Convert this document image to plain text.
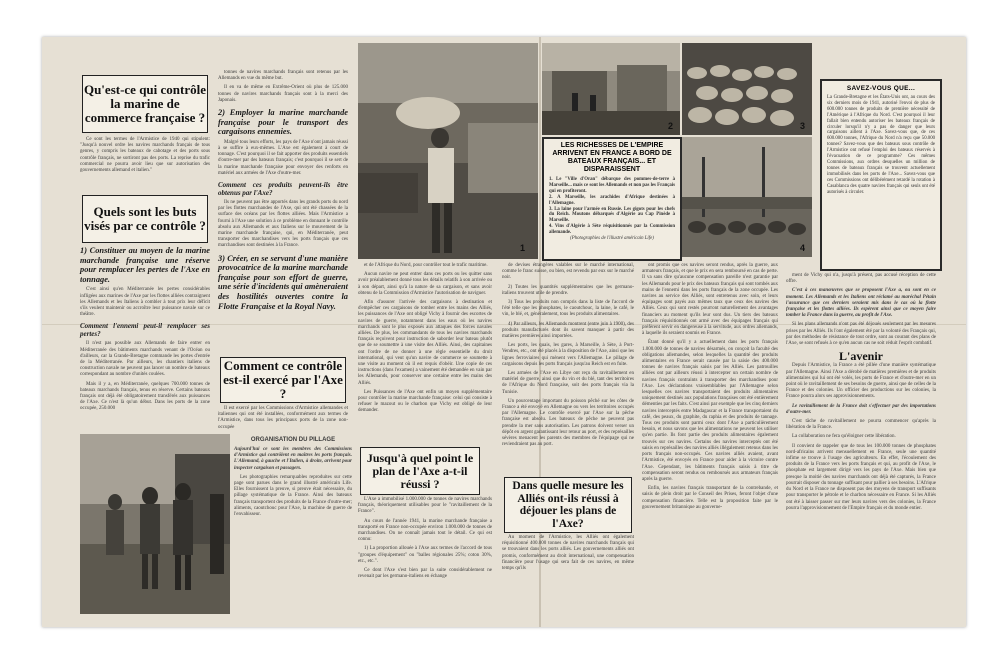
Qu'est-ce qui contrôle la marine de commerce française ?

Ce sont les termes de l'Armistice de 1940 qui stipulent: "Jusqu'à nouvel ordre les navires marchands français de tous genres, y compris les bateaux de cabotage et des ports sous contrôle français, ne sortiront pas des ports. La reprise du trafic commercial ne pourra avoir lieu que sur autorisation des gouvernements allemand et italien."

Quels sont les buts visés par ce contrôle ?

1) Constituer au moyen de la marine marchande française une réserve pour remplacer les pertes de l'Axe en tonnage.

C'est ainsi qu'en Méditerranée les pertes considérables infligées aux marines de l'Axe par les flottes alliées contraignent les Allemands et les Italiens à combler à tout prix leur déficit s'ils veulent maintenir ou accroître leur puissance navale sur ce théâtre.

Comment l'ennemi peut-il remplacer ses pertes?

Il n'est pas possible aux Allemands de faire entrer en Méditerranée des bâtiments marchands venant de l'Océan ou d'ailleurs, car la Grande-Bretagne commande les portes d'entrée de la Méditerranée. Par ailleurs, les chantiers italiens de construction navale ne peuvent pas lancer un nombre de bateaux correspondant au nombre d'unités coulées.

Mais il y a, en Méditerranée, quelques 700.000 tonnes de bateaux marchands français, tenus en réserve. Certains bateaux français ont déjà été obligatoirement transférés aux puissances de l'Axe. Ce n'est là qu'un début. Dans les ports de la zone occupée, 250.000

tonnes de navires marchands français sont retenus par les Allemands en vue du même but.

Il en va de même en Extrême-Orient où plus de 125.000 tonnes de navires marchands français sont à la merci des Japonais.

2) Employer la marine marchande française pour le transport des cargaisons ennemies.

Malgré tous leurs efforts, les pays de l'Axe n'ont jamais réussi à se suffire à eux-mêmes. L'Axe est également à court de tonnage. C'est pourquoi il se fait apporter des produits essentiels d'outre-mer par des bateaux français; c'est pourquoi il se sert de la marine marchande française pour envoyer des renforts en matériel aux armées de l'Axe d'outre-mer.

Comment ces produits peuvent-ils être obtenus par l'Axe?

Ils ne peuvent pas être apportés dans les grands ports du nord par les flottes marchandes de l'Axe, qui ont été chassées de la surface des océans par les flottes alliées. Mais l'Armistice a fourni à l'Axe une solution à ce problème en donnant le contrôle absolu aux Allemands et aux Italiens sur le mouvement de la marine marchande française, qui, en Méditerranée, peut transporter des marchandises vers les ports français que ces marchandises sont destinées à la France.

3) Créer, en se servant d'une manière provocatrice de la marine marchande française pour son effort de guerre, une série d'incidents qui amèneraient des hostilités ouvertes contre la Flotte Française et la Royal Navy.

Comment ce contrôle est-il exercé par l'Axe ?

Il est exercé par les Commissions d'Armistice allemandes et italiennes qui ont été installées, conformément aux termes de l'Armistice, dans tous les principaux ports de la zone non-occupée

ORGANISATION DU PILLAGE

Aujourd'hui ce sont les membres des Commissions d'Armistice qui contrôlent en maîtres les ports français. L'Allemand, à gauche et l'Italien, à droite, arrivent pour inspecter cargaison et passagers.

Les photographies remarquables reproduites sur cette page sont parues dans le grand illustré américain Life. Elles fournissent la preuve, si preuve était nécessaire, du pillage systématique de la France. Ainsi des bateaux français transportent des produits de la France d'outre-mer; aliments, caoutchouc pour l'Axe, la machine de guerre de l'envahisseur.

1
2	3
LES RICHESSES DE L'EMPIRE ARRIVENT EN FRANCE A BORD DE BATEAUX FRANÇAIS... ET DISPARAISSENT
1. Le "Ville d'Oran" débarque des pommes-de-terre à Marseille... mais ce sont les Allemands et non pas les Français qui en profiteront.
2. A Marseille, les arachides d'Afrique destinées à l'Allemagne.
3. La laine pour l'armée en Russie. Les gigots pour les chefs du Reich. Moutons débarqués d'Algérie au Cap Pinède à Marseille.
4. Vins d'Algérie à Sète réquisitionnés par la Commission allemande.
(Photographies de l'illustré américain Life)
4
SAVEZ-VOUS QUE...
La Grande-Bretagne et les États-Unis ont, au cours des six derniers mois de 1941, autorisé l'envoi de plus de 600.000 tonnes de produits de première nécessité de l'Amérique à l'Afrique du Nord. C'est pourquoi il leur fallait bien entendu autoriser les bateaux français de circuler lorsqu'il n'y a pas de danger que leurs cargaisons aillent à l'Axe. Savez-vous que, de ces 600.000 tonnes, l'Afrique du Nord n'a reçu que 50.000 tonnes? Savez-vous que des bateaux sous contrôle de l'Armistice ont refusé l'emploi des bateaux réservés à l'évacuation de ce programme? Ces mêmes Commissions, aux ordres desquelles un million de tonnes de bateaux français se trouvent actuellement immobilisés dans les ports de l'Axe... Savez-vous que ces Commissions ont délibérément retardé la rotation à Casablanca des quatre navires français qui seuls ont été autorisés à circuler.

et de l'Afrique du Nord, pour contrôler tout le trafic maritime.

Aucun navire ne peut entrer dans ces ports ou les quitter sans avoir préalablement donné tous les détails relatifs à son arrivée ou à son départ, ainsi qu'à la nature de sa cargaison, et sans avoir obtenu de la Commission d'Armistice l'autorisation de naviguer.

Afin d'assurer l'arrivée des cargaisons à destination et d'empêcher ces cargaisons de tomber entre les mains des Alliés, les puissances de l'Axe ont obligé Vichy à fournir des escortes de navires de guerre, notamment dans les eaux où les navires marchands sont le plus exposés aux attaques des forces navales alliées. De plus, les commandants de tous les navires marchands français reçoivent pour instruction de saborder leur bateau plutôt que de se soumettre à une visite des Alliés. Ainsi, des capitaines ont l'ordre de ne donner à une règle essentielle du droit international, qui veut qu'un navire de commerce se soumette à une visite au moment où il est requis d'obéir. Une copie de ces instructions (dans l'examen) a vainement été demandée en vain par les Allemands, pour conserver une certaine entre les mains des Alliés.

Les Puissances de l'Axe ont enfin un moyen supplémentaire pour contrôler la marine marchande française: celui qui consiste à refuser le mazout ou le charbon que Vichy est obligé de leur demander.

Jusqu'à quel point le plan de l'Axe a-t-il réussi ?

L'Axe a immobilisé 1.000.000 de tonnes de navires marchands français, théoriquement utilisables pour le "ravitaillement de la France".

Au cours de l'année 1941, la marine marchande française a transporté en France non-occupée environ 1.000.000 de tonnes de marchandises. On ne connaît jamais tout le détail. Ce qui est connu:

1) La proportion allouée à l'Axe aux termes de l'accord de tous "groupes d'équipement" ou "balles régionales 25%; coton 30%, etc., etc.".

Ce dont l'Axe s'est bien par la suite considérablement ne revenait par les germano-italiens en échange

de devises étrangères valables sur le marché international, comme le franc suisse, ou bien, est revendu par eux sur le marché noir.

2) Toutes les quantités supplémentaires que les germano-italiens trouvent utile de prendre.

3) Tous les produits non compris dans la liste de l'accord de l'été telle que les phosphates, le caoutchouc, la laine, le café, le vin, le blé, et, généralement, tous les produits alimentaires.

4) Par ailleurs, les Allemands montrent (entre juin à 1900), des produits manufacturés dont ils savent manquer à partir des matières premières ainsi importées.

Les ports, les quais, les gares, à Marseille, à Sète, à Port-Vendres, etc., ont été placés à la disposition de l'Axe, ainsi que les lignes ferroviaires qui mènent vers l'Allemagne. Le pillage de cargaisons depuis les ports français jusqu'au Reich est en fuite.

Les armées de l'Axe en Libye ont reçu du ravitaillement en matériel de guerre, ainsi que du vin et du blé, tant des territoires de l'Afrique du Nord française, soit des ports français via la Tunisie.

Un pourcentage important du poisson pêché sur les côtes de France a été envoyé en Allemagne ou vers les territoires occupés par l'Allemagne. Le contrôle exercé par l'Axe sur la pêche française est absolu. Les bateaux de pêche ne peuvent pas prendre la mer sans autorisation. Les patrons doivent verser un dépôt en argent garantissant leur retour au port, et des représailles sévères menacent les parents des membres de l'équipage qui ne reviendraient pas au port.

Dans quelle mesure les Alliés ont-ils réussi à déjouer les plans de l'Axe?

Au moment de l'Armistice, les Alliés ont également réquisitionné 400.000 tonnes de navires marchands français qui se trouvaient dans les ports alliés. Les gouvernements alliés ont promis, conformément au droit international, une compensation financière pour l'usage qui sera fait de ces navires, en même temps qu'ils

ont promis que ces navires seront rendus, après la guerre, aux armateurs français, et que le prix en sera remboursé en cas de perte. Il va sans dire qu'aucune compensation pareille n'est garantie par les Allemands pour le prix des bateaux français qui sont tombés aux mains de l'ennemi dans les ports français de la zone occupée. Les navires au service des Alliés, sont entretenus avec soin, et leurs équipages sont payés aux mêmes taux que ceux des navires des Alliés. Ceux qui sont restés pourront naturellement des avantages financiers au moment qu'ils leur sont dus. Un tiers des bateaux français réquisitionnés ont armé avec des équipages français qui préfèrent servir en dangereuse à la servitude, aux ordres allemands, à laquelle ils seraient soumis en France.

Étant donné qu'il y a actuellement dans les ports français 1.000.000 de tonnes de navires désarmés, on conçoit la faculté des obligations allemandes, selon lesquelles la quantité des produits alimentaires en France serait causée par la saisie des 400.000 tonnes de navires français saisis par les Alliés. Les patrouilles alliées ont par ailleurs réussi à intercepter un certain nombre de navires français contraints à transporter des marchandises pour l'Axe. Les déclarations vraisemblables par l'Allemagne selon lesquelles ces navires transportaient des produits alimentaires uniquement destinés aux populations françaises ont été entièrement démenties par les faits. C'est ainsi par exemple que les cinq derniers navires interceptés entre Madagascar et la France transportaient du café, des peaux, du graphite, du raphia et des produits de tannage. Tous ces produits sont parmi ceux dont l'Axe a particulièrement besoin, et nous savons que les alimentations ne peuvent les utiliser qu'en partie. Ils font partie des produits alimentaires également trouvés sur ces navires. Certains des navires interceptés ont été saisis en représailles des navires alliés illégalement retenus dans les ports français non-occupés. Ces navires alliés avaient, avant l'Armistice, été envoyés en France pour aider à la victoire contre l'Axe. Cependant, les bâtiments français saisis à titre de compensation seront rendus ou remboursés aux armateurs français après la guerre.

Enfin, les navires français transportant de la contrebande, et saisis de plein droit par le Conseil des Prises, feront l'objet d'une compensation financière. Telle est la proposition faite par le gouvernement britannique au gouverne-

ment de Vichy qui n'a, jusqu'à présent, pas accusé réception de cette offre.

C'est à ces manœuvres que se proposent l'Axe a, ou sont en ce moment. Les Allemands et les Italiens ont réclamé au maréchal Pétain l'assurance que ces derniers seraient mis dans le cas où la flotte française et les flottes alliées. Ils espèrent ainsi que ce moyen faire tomber la France dans la guerre, au profit de l'Axe.

Si les plans allemands n'ont pas été déjoués seulement par les mesures prises par les Alliés. Ils l'ont également été par la volonté des Français qui, par des méthodes de résistance de tout ordre, sont au courant des plans de l'Axe, se sont refusés à ce qu'en aucun cas ne soit réduit l'esprit combatif.

L'avenir

Depuis l'Armistice, la France a été pillée d'une manière systématique par l'Allemagne. Ainsi l'Axe a dérobé de matières premières et de produits alimentaires qui lui ont été volés, les ports de France et d'outre-mer en un point où le ravitaillement de ses besoins de guerre, ainsi que de celles de la France et des colonies. Un officier des productions sur les colonies, la France pourra alors ses approvisionnements.

Le ravitaillement de la France doit s'effectuer par des importations d'outre-mer.

C'est tâche de ravitaillement ne pourra commencer qu'après la libération de la France.

La collaboration ne fera qu'éloigner cette libération.

Il convient de rappeler que de tous les 100.000 tonnes de phosphates nord-africains arrivent mensuellement en France, seule une quantité infime se trouve à l'usage des agriculteurs. En effet, l'écoulement des produits de la France vers les ports français et qui, au profit de l'Axe, le phosphate est largement dirigé vers les pays de l'Axe. Mais bien que presque la moitié des navires marchands ont déjà été capturés, la France pourrait disposer du tonnage suffisant pour pallier à ses besoins. L'Afrique du Nord et la France ne disposent pas des moyens de transport suffisants pour transporter le pétrole et le charbon nécessaire en France. Si les Alliés ont été à laisser passer sur mer leurs navires vers des colonies, la France pourra l'approvisionnement de l'Empire français et du monde entier.
